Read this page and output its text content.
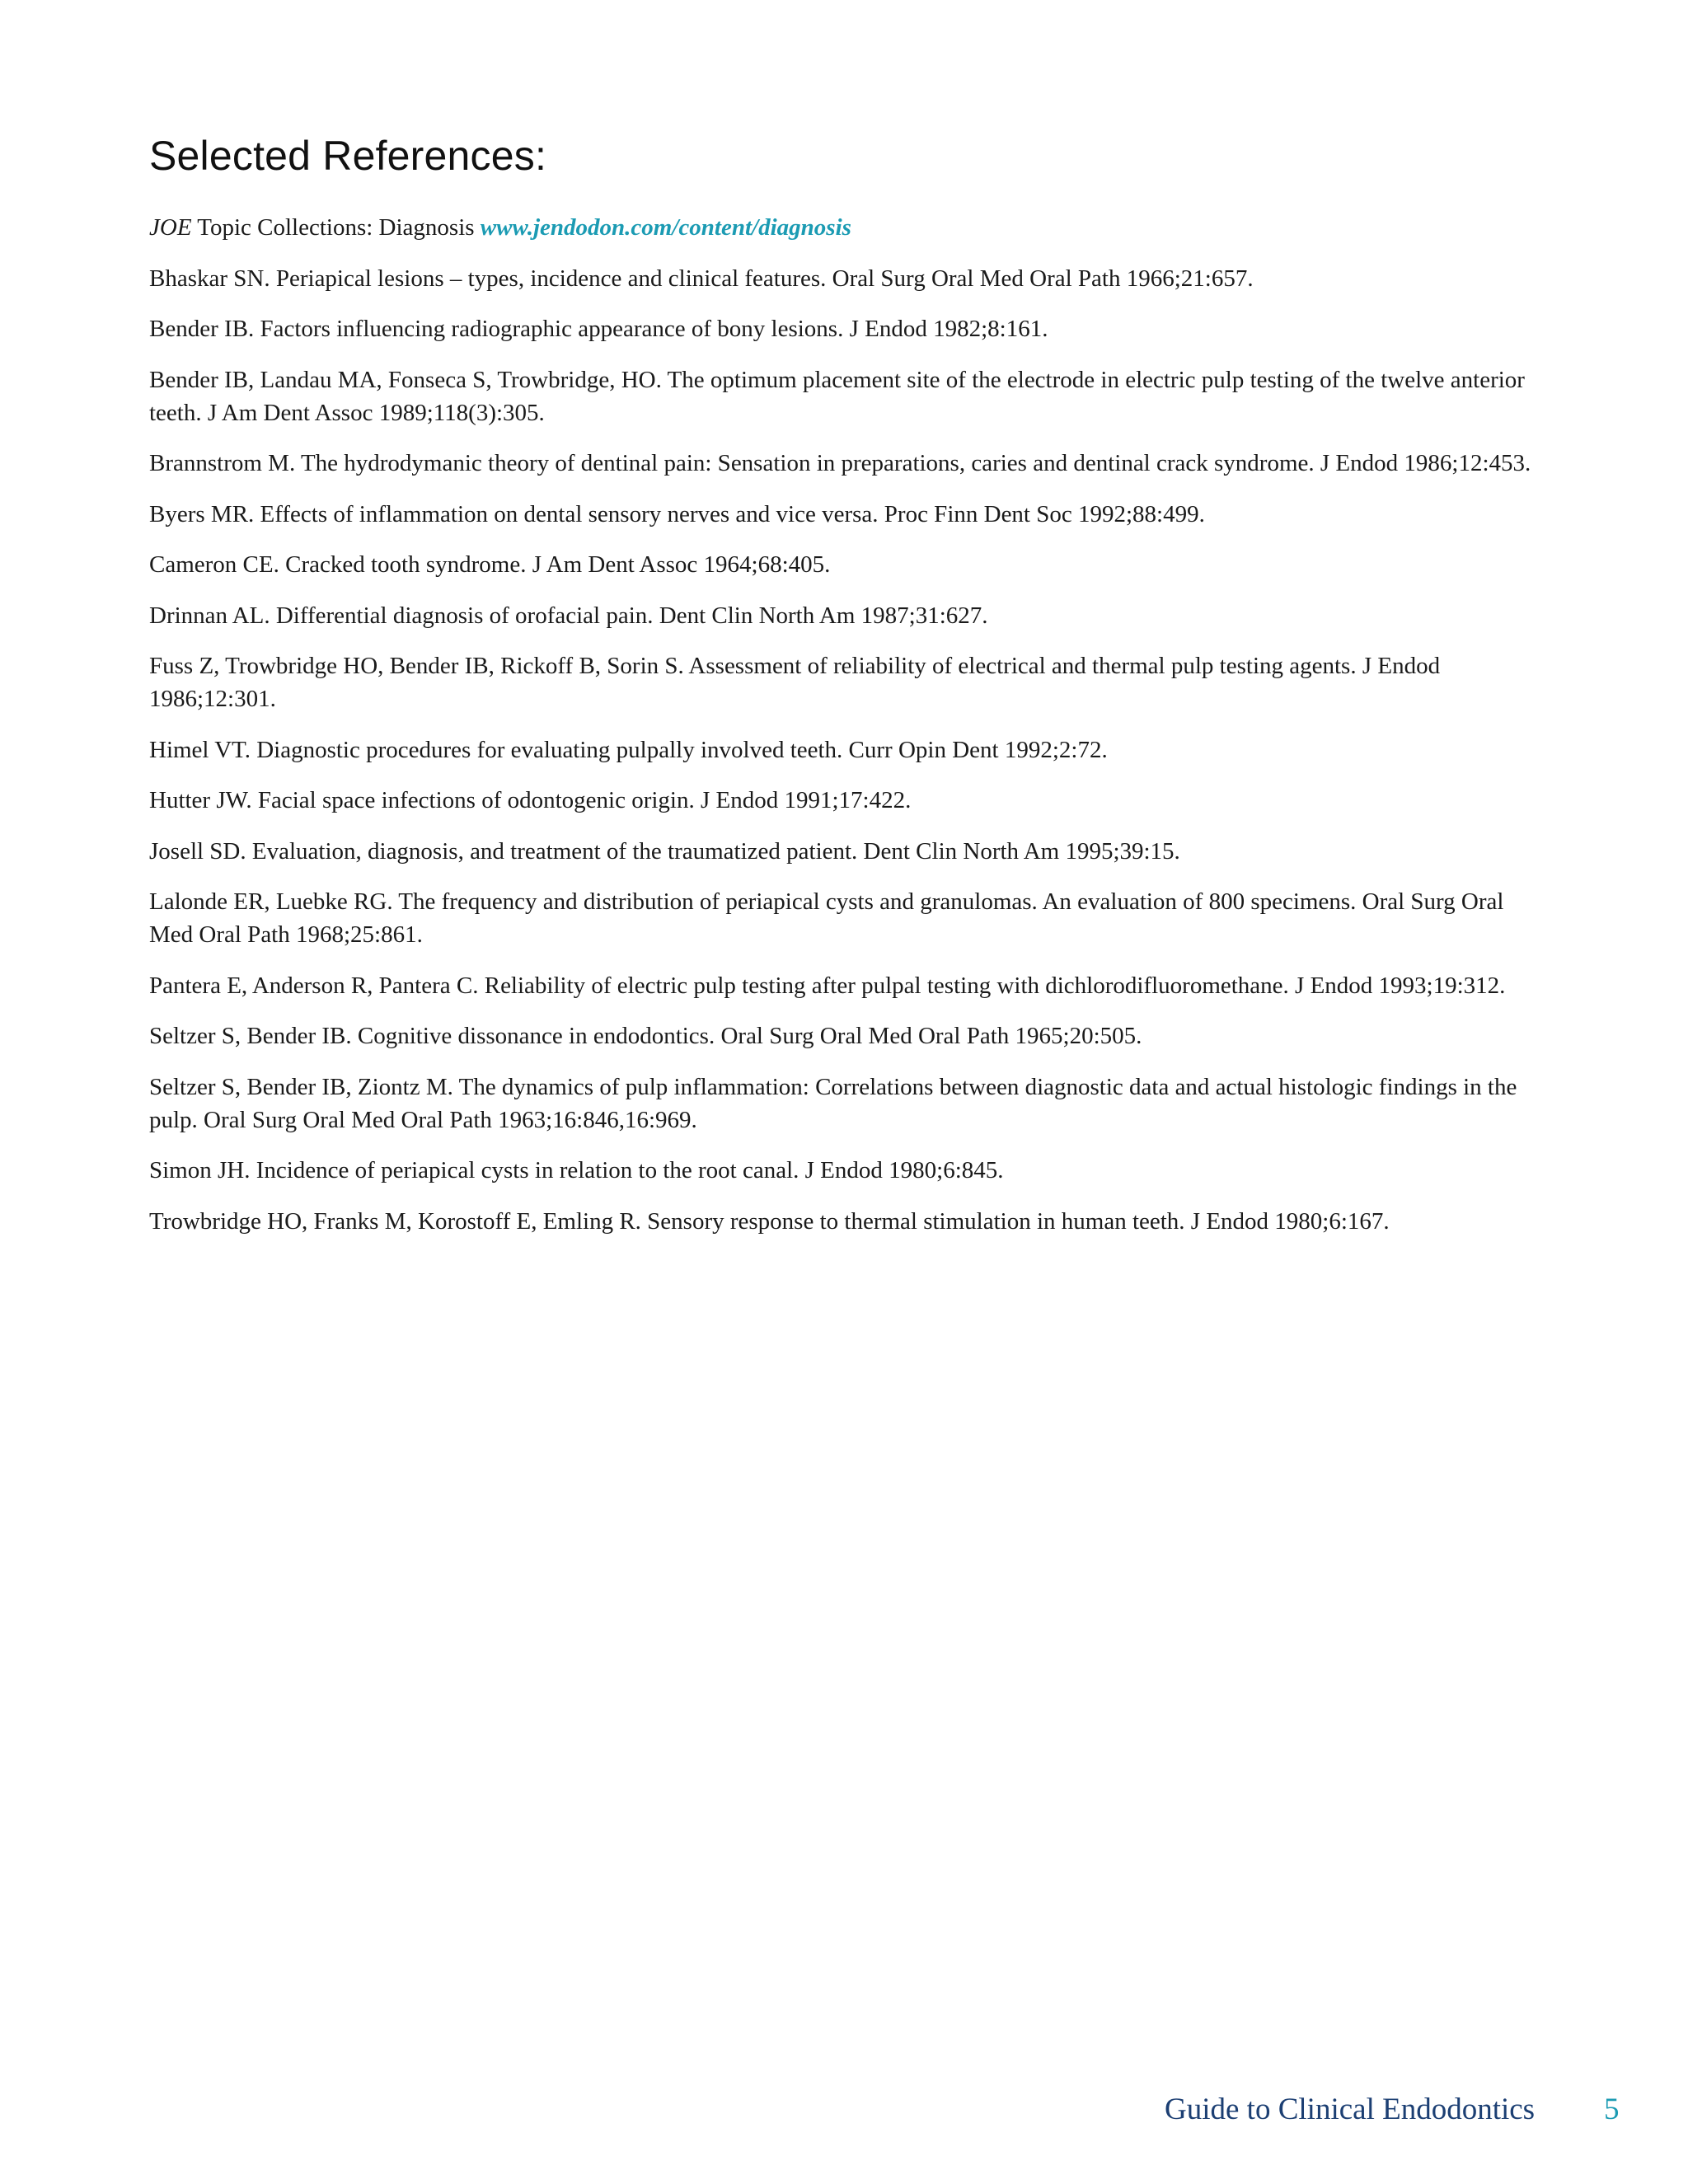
Selected References:
JOE Topic Collections: Diagnosis www.jendodon.com/content/diagnosis
Bhaskar SN. Periapical lesions – types, incidence and clinical features. Oral Surg Oral Med Oral Path 1966;21:657.
Bender IB. Factors influencing radiographic appearance of bony lesions. J Endod 1982;8:161.
Bender IB, Landau MA, Fonseca S, Trowbridge, HO. The optimum placement site of the electrode in electric pulp testing of the twelve anterior teeth. J Am Dent Assoc 1989;118(3):305.
Brannstrom M. The hydrodymanic theory of dentinal pain: Sensation in preparations, caries and dentinal crack syndrome. J Endod 1986;12:453.
Byers MR. Effects of inflammation on dental sensory nerves and vice versa. Proc Finn Dent Soc 1992;88:499.
Cameron CE. Cracked tooth syndrome. J Am Dent Assoc 1964;68:405.
Drinnan AL. Differential diagnosis of orofacial pain. Dent Clin North Am 1987;31:627.
Fuss Z, Trowbridge HO, Bender IB, Rickoff B, Sorin S. Assessment of reliability of electrical and thermal pulp testing agents. J Endod 1986;12:301.
Himel VT. Diagnostic procedures for evaluating pulpally involved teeth. Curr Opin Dent 1992;2:72.
Hutter JW. Facial space infections of odontogenic origin. J Endod 1991;17:422.
Josell SD. Evaluation, diagnosis, and treatment of the traumatized patient. Dent Clin North Am 1995;39:15.
Lalonde ER, Luebke RG. The frequency and distribution of periapical cysts and granulomas. An evaluation of 800 specimens. Oral Surg Oral Med Oral Path 1968;25:861.
Pantera E, Anderson R, Pantera C. Reliability of electric pulp testing after pulpal testing with dichlorodifluoromethane. J Endod 1993;19:312.
Seltzer S, Bender IB. Cognitive dissonance in endodontics. Oral Surg Oral Med Oral Path 1965;20:505.
Seltzer S, Bender IB, Ziontz M. The dynamics of pulp inflammation: Correlations between diagnostic data and actual histologic findings in the pulp. Oral Surg Oral Med Oral Path 1963;16:846,16:969.
Simon JH. Incidence of periapical cysts in relation to the root canal. J Endod 1980;6:845.
Trowbridge HO, Franks M, Korostoff E, Emling R. Sensory response to thermal stimulation in human teeth. J Endod 1980;6:167.
Guide to Clinical Endodontics 5
